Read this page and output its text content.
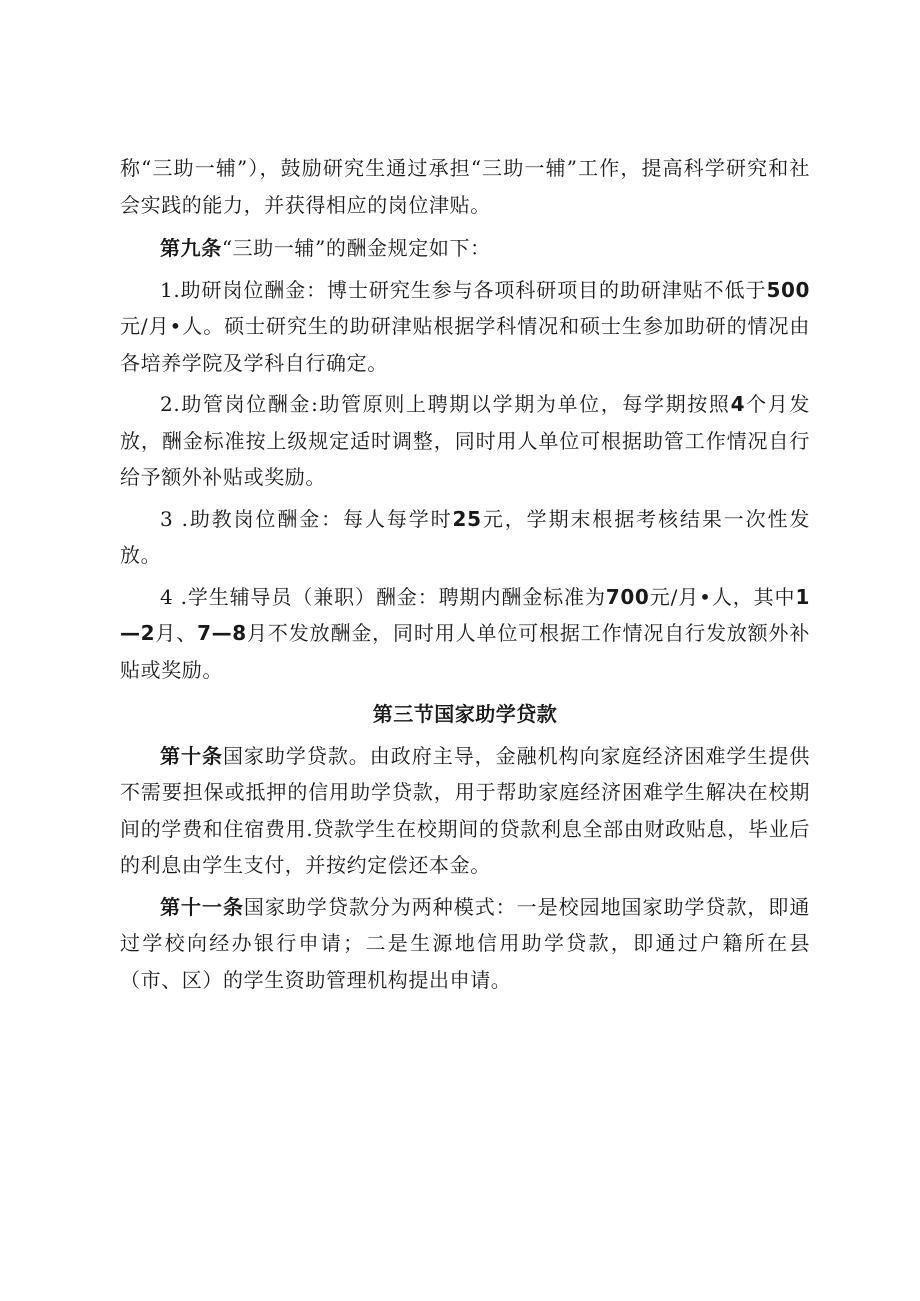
称“三助一辅”），鼓励研究生通过承担“三助一辅”工作，提高科学研究和社会实践的能力，并获得相应的岗位津贴。

第九条“三助一辅”的酬金规定如下：

1.助研岗位酬金：博士研究生参与各项科研项目的助研津贴不低于500元/月•人。硕士研究生的助研津贴根据学科情况和硕士生参加助研的情况由各培养学院及学科自行确定。

2.助管岗位酬金:助管原则上聘期以学期为单位，每学期按照4个月发放，酬金标准按上级规定适时调整，同时用人单位可根据助管工作情况自行给予额外补贴或奖励。

3 .助教岗位酬金：每人每学时25元，学期末根据考核结果一次性发放。

4 .学生辅导员（兼职）酬金：聘期内酬金标准为700元/月•人，其中1—2月、7—8月不发放酬金，同时用人单位可根据工作情况自行发放额外补贴或奖励。

第三节国家助学贷款

第十条国家助学贷款。由政府主导，金融机构向家庭经济困难学生提供不需要担保或抵押的信用助学贷款，用于帮助家庭经济困难学生解决在校期间的学费和住宿费用.贷款学生在校期间的贷款利息全部由财政贴息，毕业后的利息由学生支付，并按约定偿还本金。

第十一条国家助学贷款分为两种模式：一是校园地国家助学贷款，即通过学校向经办银行申请；二是生源地信用助学贷款，即通过户籍所在县（市、区）的学生资助管理机构提出申请。
